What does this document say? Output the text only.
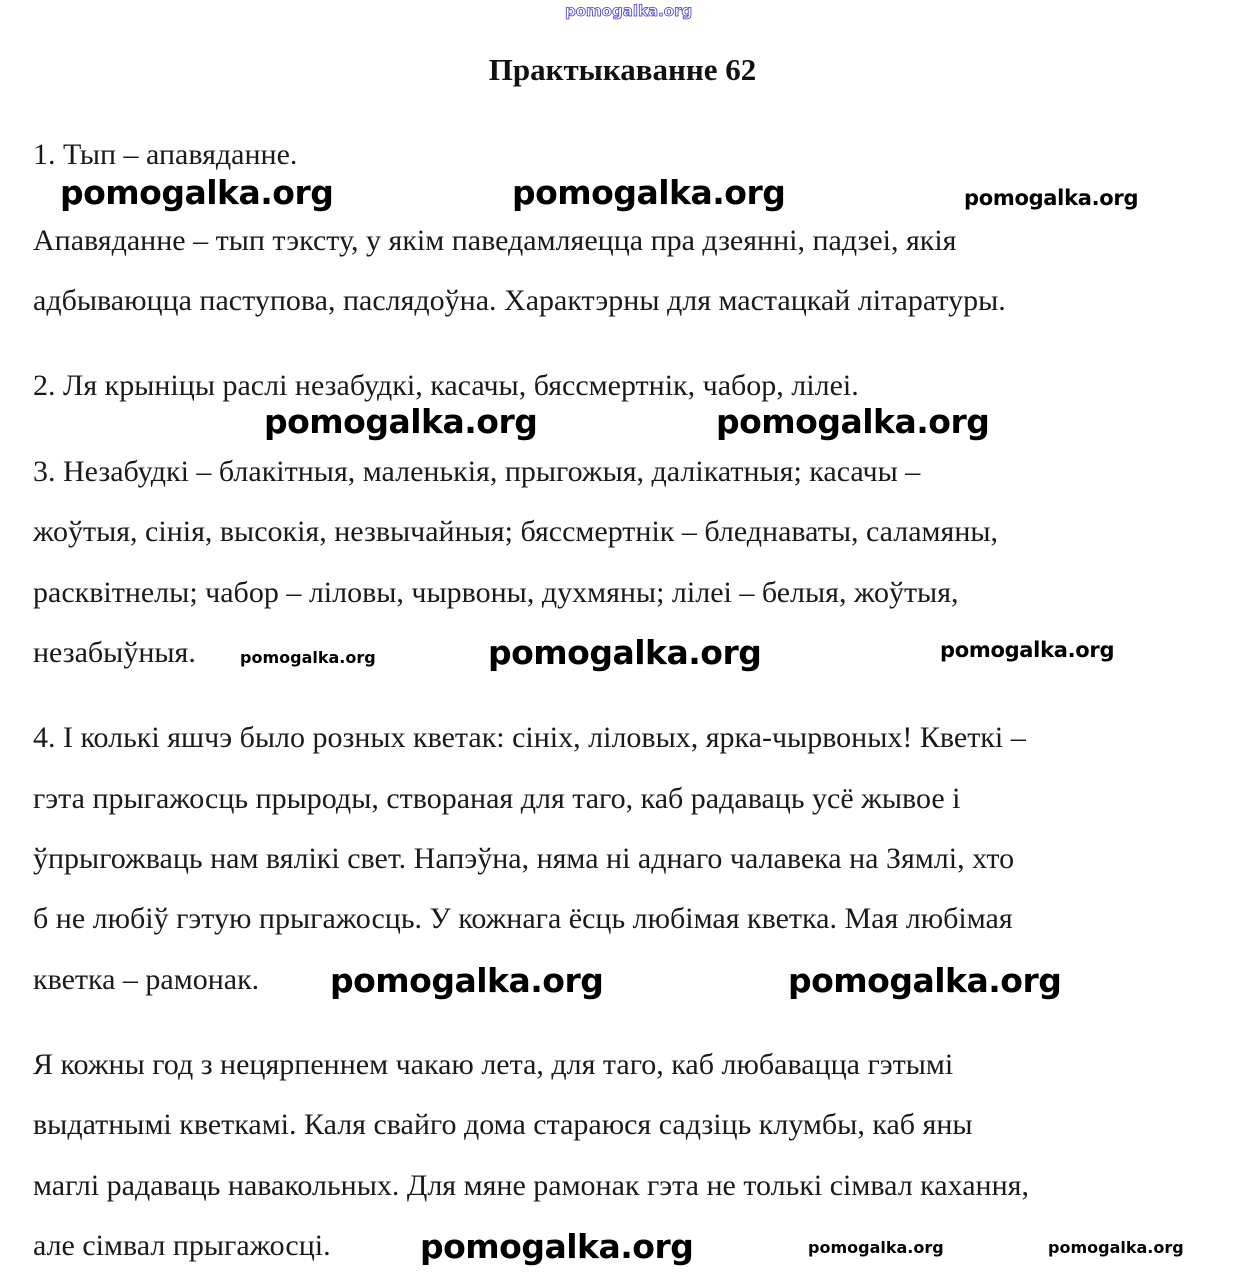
pomogalka.org
Практыкаванне 62
1. Тып – апавяданне.
Апавяданне – тып тэксту, у якім паведамляецца пра дзеянні, падзеі, якія
адбываюцца паступова, паслядоўна. Характэрны для мастацкай літаратуры.
2. Ля крыніцы раслі незабудкі, касачы, бяссмертнік, чабор, лілеі.
3. Незабудкі – блакітныя, маленькія, прыгожыя, далікатныя; касачы –
жоўтыя, сінія, высокія, незвычайныя; бяссмертнік – бледнаваты, саламяны,
расквітнелы; чабор – ліловы, чырвоны, духмяны; лілеі – белыя, жоўтыя,
незабыўныя.
4. І колькі яшчэ было розных кветак: сініх, ліловых, ярка-чырвоных! Кветкі –
гэта прыгажосць прыроды, створаная для таго, каб радаваць усё жывое і
ўпрыгожваць нам вялікі свет. Напэўна, няма ні аднаго чалавека на Зямлі, хто
б не любіў гэтую прыгажосць. У кожнага ёсць любімая кветка. Мая любімая
кветка – рамонак.
Я кожны год з нецярпеннем чакаю лета, для таго, каб любавацца гэтымі
выдатнымі кветкамі. Каля свайго дома стараюся садзіць клумбы, каб яны
маглі радаваць навакольных. Для мяне рамонак гэта не толькі сімвал кахання,
але сімвал прыгажосці.
pomogalka.org	pomogalka.org	pomogalka.org
pomogalka.org	pomogalka.org
pomogalka.org	pomogalka.org
pomogalka.org
pomogalka.org	pomogalka.org
pomogalka.org	pomogalka.org	pomogalka.org
